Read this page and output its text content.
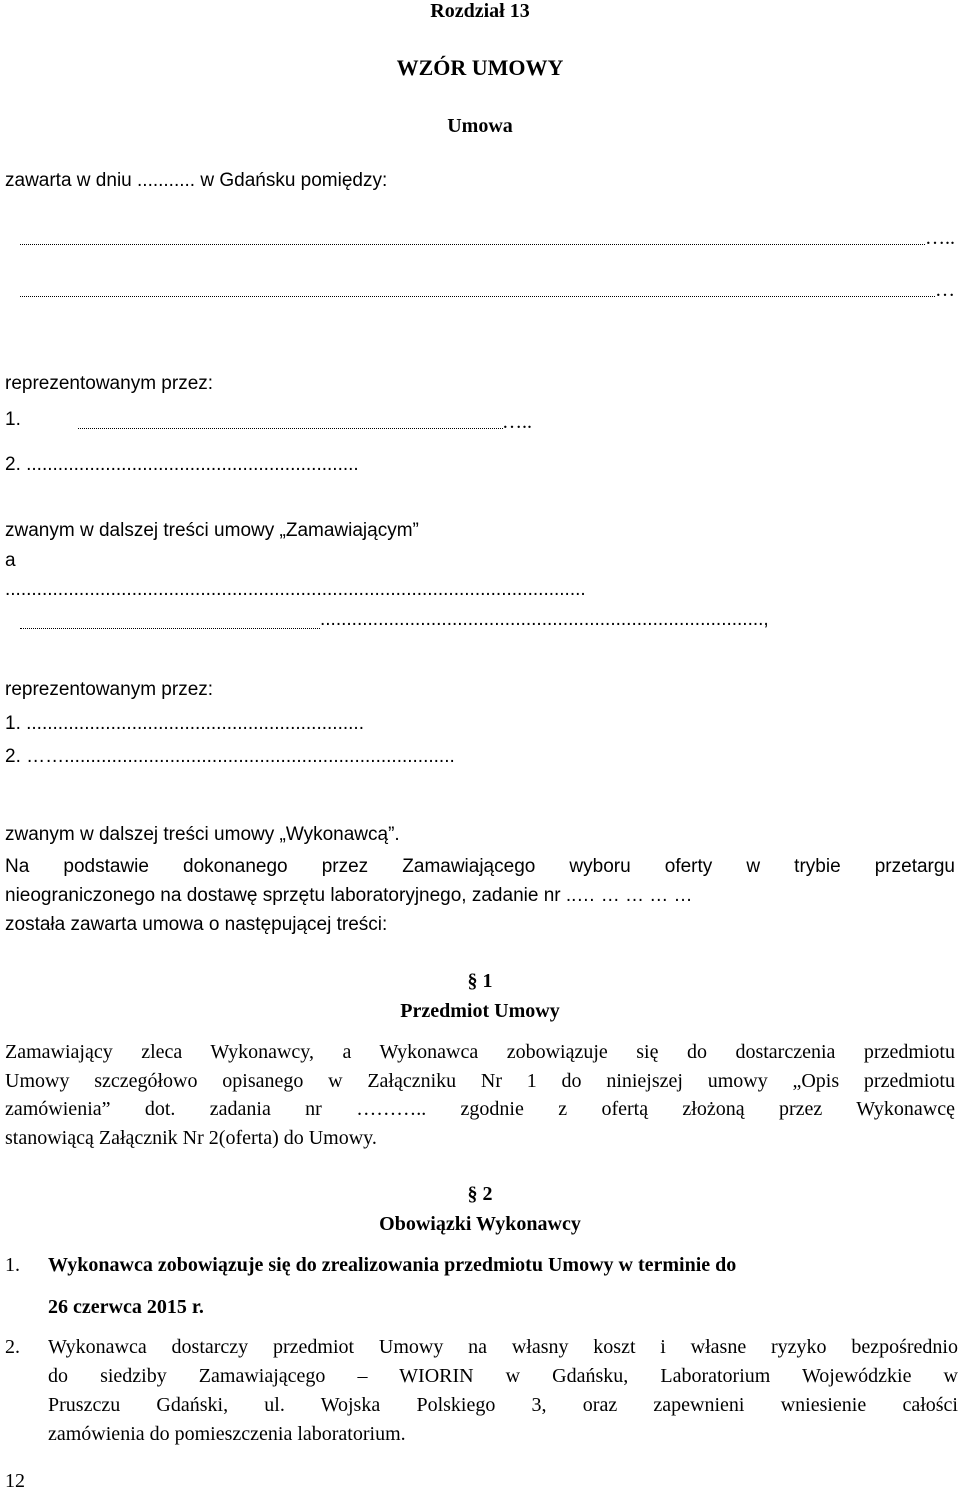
Rozdział 13
WZÓR UMOWY
Umowa
zawarta w dniu ........... w Gdańsku pomiędzy:
…..
…
reprezentowanym przez:
1.	…..
2. ...............................................................
zwanym w dalszej treści umowy „Zamawiającym”
a
..............................................................................................................
....................................................................................,
reprezentowanym przez:
1. ................................................................
2. ……..........................................................................
zwanym w dalszej treści umowy „Wykonawcą”.
Na podstawie dokonanego przez Zamawiającego wyboru oferty w trybie przetargu
nieograniczonego na dostawę sprzętu laboratoryjnego, zadanie nr ..… … … … …
została zawarta umowa o następującej treści:
§ 1
Przedmiot Umowy
Zamawiający zleca Wykonawcy, a Wykonawca zobowiązuje się do dostarczenia przedmiotu
Umowy szczegółowo opisanego w Załączniku Nr 1 do niniejszej umowy „Opis przedmiotu
zamówienia” dot. zadania nr ……….. zgodnie z ofertą złożoną przez Wykonawcę
stanowiącą Załącznik Nr 2(oferta) do Umowy.
§ 2
Obowiązki Wykonawcy
1. Wykonawca zobowiązuje się do zrealizowania przedmiotu Umowy w terminie do
26 czerwca 2015 r.
2. Wykonawca dostarczy przedmiot Umowy na własny koszt i własne ryzyko bezpośrednio
do siedziby Zamawiającego – WIORIN w Gdańsku, Laboratorium Wojewódzkie w
Pruszczu Gdański, ul. Wojska Polskiego 3, oraz zapewnieni wniesienie całości
zamówienia do pomieszczenia laboratorium.
12
